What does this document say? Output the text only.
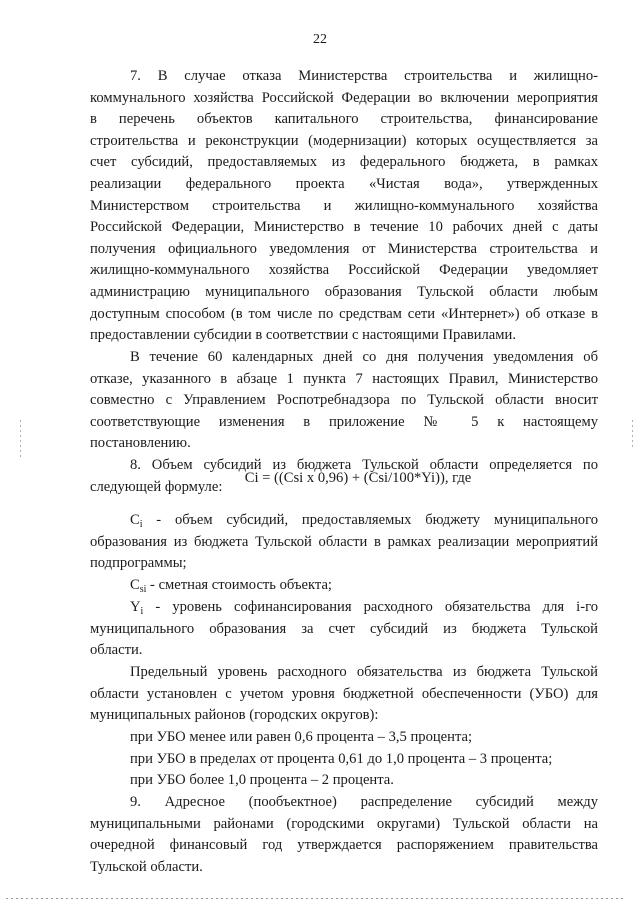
22
7. В случае отказа Министерства строительства и жилищно-
коммунального хозяйства Российской Федерации во включении мероприятия
в перечень объектов капитального строительства, финансирование
строительства и реконструкции (модернизации) которых осуществляется за
счет субсидий, предоставляемых из федерального бюджета, в рамках
реализации федерального проекта «Чистая вода», утвержденных
Министерством строительства и жилищно-коммунального хозяйства
Российской Федерации, Министерство в течение 10 рабочих дней с даты
получения официального уведомления от Министерства строительства и
жилищно-коммунального хозяйства Российской Федерации уведомляет
администрацию муниципального образования Тульской области любым
доступным способом (в том числе по средствам сети «Интернет») об отказе в
предоставлении субсидии в соответствии с настоящими Правилами.
В течение 60 календарных дней со дня получения уведомления об
отказе, указанного в абзаце 1 пункта 7 настоящих Правил, Министерство
совместно с Управлением Роспотребнадзора по Тульской области вносит
соответствующие изменения в приложение № 5 к настоящему
постановлению.
8. Объем субсидий из бюджета Тульской области определяется по
следующей формуле:
Ci = ((Csi x 0,96) + (Csi/100*Yi)), где
$C_i$ - объем субсидий, предоставляемых бюджету муниципального
образования из бюджета Тульской области в рамках реализации мероприятий
подпрограммы;
$C_{si}$ - сметная стоимость объекта;
$Y_i$ - уровень софинансирования расходного обязательства для i-го
муниципального образования за счет субсидий из бюджета Тульской
области.
Предельный уровень расходного обязательства из бюджета Тульской
области установлен с учетом уровня бюджетной обеспеченности (УБО) для
муниципальных районов (городских округов):
при УБО менее или равен 0,6 процента – 3,5 процента;
при УБО в пределах от процента 0,61 до 1,0 процента – 3 процента;
при УБО более 1,0 процента – 2 процента.
9. Адресное (пообъектное) распределение субсидий между
муниципальными районами (городскими округами) Тульской области на
очередной финансовый год утверждается распоряжением правительства
Тульской области.
